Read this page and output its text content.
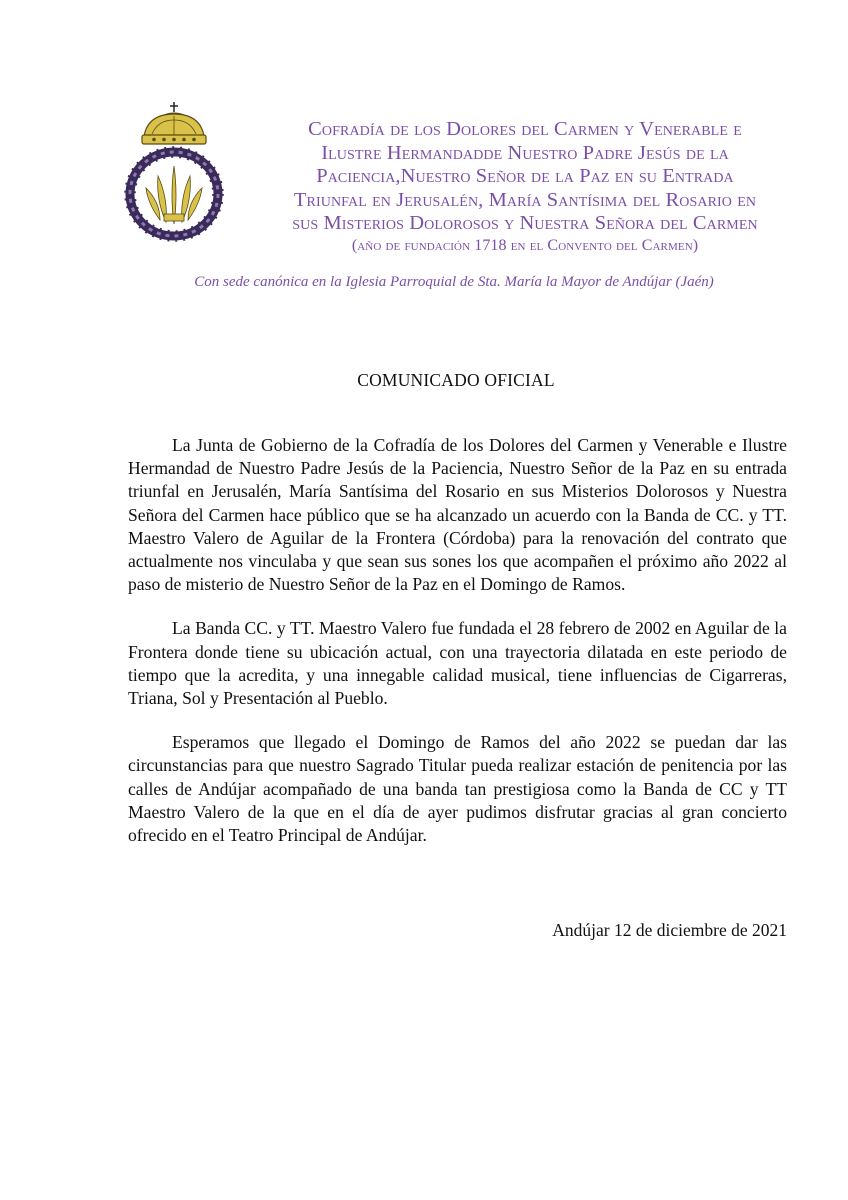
Cofradía de los Dolores del Carmen y Venerable e
Ilustre Hermandadde Nuestro Padre Jesús de la
Paciencia,Nuestro Señor de la Paz en su Entrada
Triunfal en Jerusalén, María Santísima del Rosario en
sus Misterios Dolorosos y Nuestra Señora del Carmen
(año de fundación 1718 en el Convento del Carmen)
Con sede canónica en la Iglesia Parroquial de Sta. María la Mayor de Andújar (Jaén)
COMUNICADO OFICIAL

La Junta de Gobierno de la Cofradía de los Dolores del Carmen y Venerable e Ilustre Hermandad de Nuestro Padre Jesús de la Paciencia, Nuestro Señor de la Paz en su entrada triunfal en Jerusalén, María Santísima del Rosario en sus Misterios Dolorosos y Nuestra Señora del Carmen hace público que se ha alcanzado un acuerdo con la Banda de CC. y TT. Maestro Valero de Aguilar de la Frontera (Córdoba) para la renovación del contrato que actualmente nos vinculaba y que sean sus sones los que acompañen el próximo año 2022 al paso de misterio de Nuestro Señor de la Paz en el Domingo de Ramos.

La Banda CC. y TT. Maestro Valero fue fundada el 28 febrero de 2002 en Aguilar de la Frontera donde tiene su ubicación actual, con una trayectoria dilatada en este periodo de tiempo que la acredita, y una innegable calidad musical, tiene influencias de Cigarreras, Triana, Sol y Presentación al Pueblo.

Esperamos que llegado el Domingo de Ramos del año 2022 se puedan dar las circunstancias para que nuestro Sagrado Titular pueda realizar estación de penitencia por las calles de Andújar acompañado de una banda tan prestigiosa como la Banda de CC y TT Maestro Valero de la que en el día de ayer pudimos disfrutar gracias al gran concierto ofrecido en el Teatro Principal de Andújar.

Andújar 12 de diciembre de 2021
